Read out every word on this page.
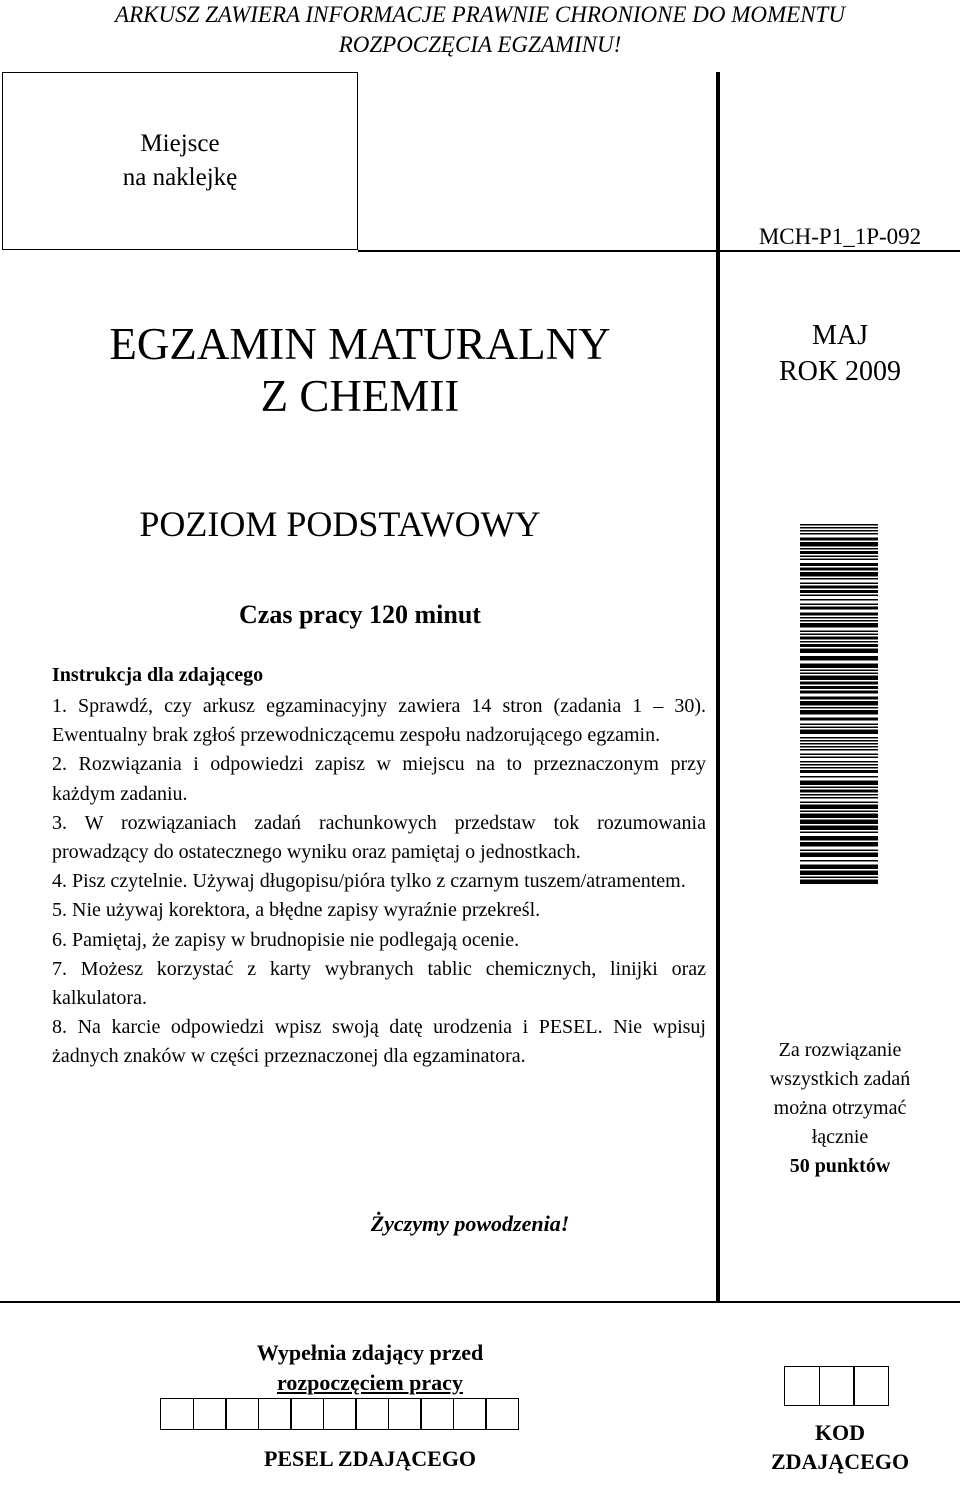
ARKUSZ ZAWIERA INFORMACJE PRAWNIE CHRONIONE DO MOMENTU
ROZPOCZĘCIA EGZAMINU!
Miejsce
na naklejkę
MCH-P1_1P-092
EGZAMIN MATURALNY
Z CHEMII
MAJ
ROK 2009
POZIOM PODSTAWOWY
Czas pracy 120 minut
Instrukcja dla zdającego
1. Sprawdź, czy arkusz egzaminacyjny zawiera 14 stron (zadania 1 – 30). Ewentualny brak zgłoś przewodniczącemu zespołu nadzorującego egzamin.
2. Rozwiązania i odpowiedzi zapisz w miejscu na to przeznaczonym przy każdym zadaniu.
3. W rozwiązaniach zadań rachunkowych przedstaw tok rozumowania prowadzący do ostatecznego wyniku oraz pamiętaj o jednostkach.
4. Pisz czytelnie. Używaj długopisu/pióra tylko z czarnym tuszem/atramentem.
5. Nie używaj korektora, a błędne zapisy wyraźnie przekreśl.
6. Pamiętaj, że zapisy w brudnopisie nie podlegają ocenie.
7. Możesz korzystać z karty wybranych tablic chemicznych, linijki oraz kalkulatora.
8. Na karcie odpowiedzi wpisz swoją datę urodzenia i PESEL. Nie wpisuj żadnych znaków w części przeznaczonej dla egzaminatora.	Za rozwiązanie
wszystkich zadań
można otrzymać
łącznie
50 punktów
Życzymy powodzenia!
Wypełnia zdający przed
rozpoczęciem pracy
PESEL ZDAJĄCEGO
KOD
ZDAJĄCEGO
